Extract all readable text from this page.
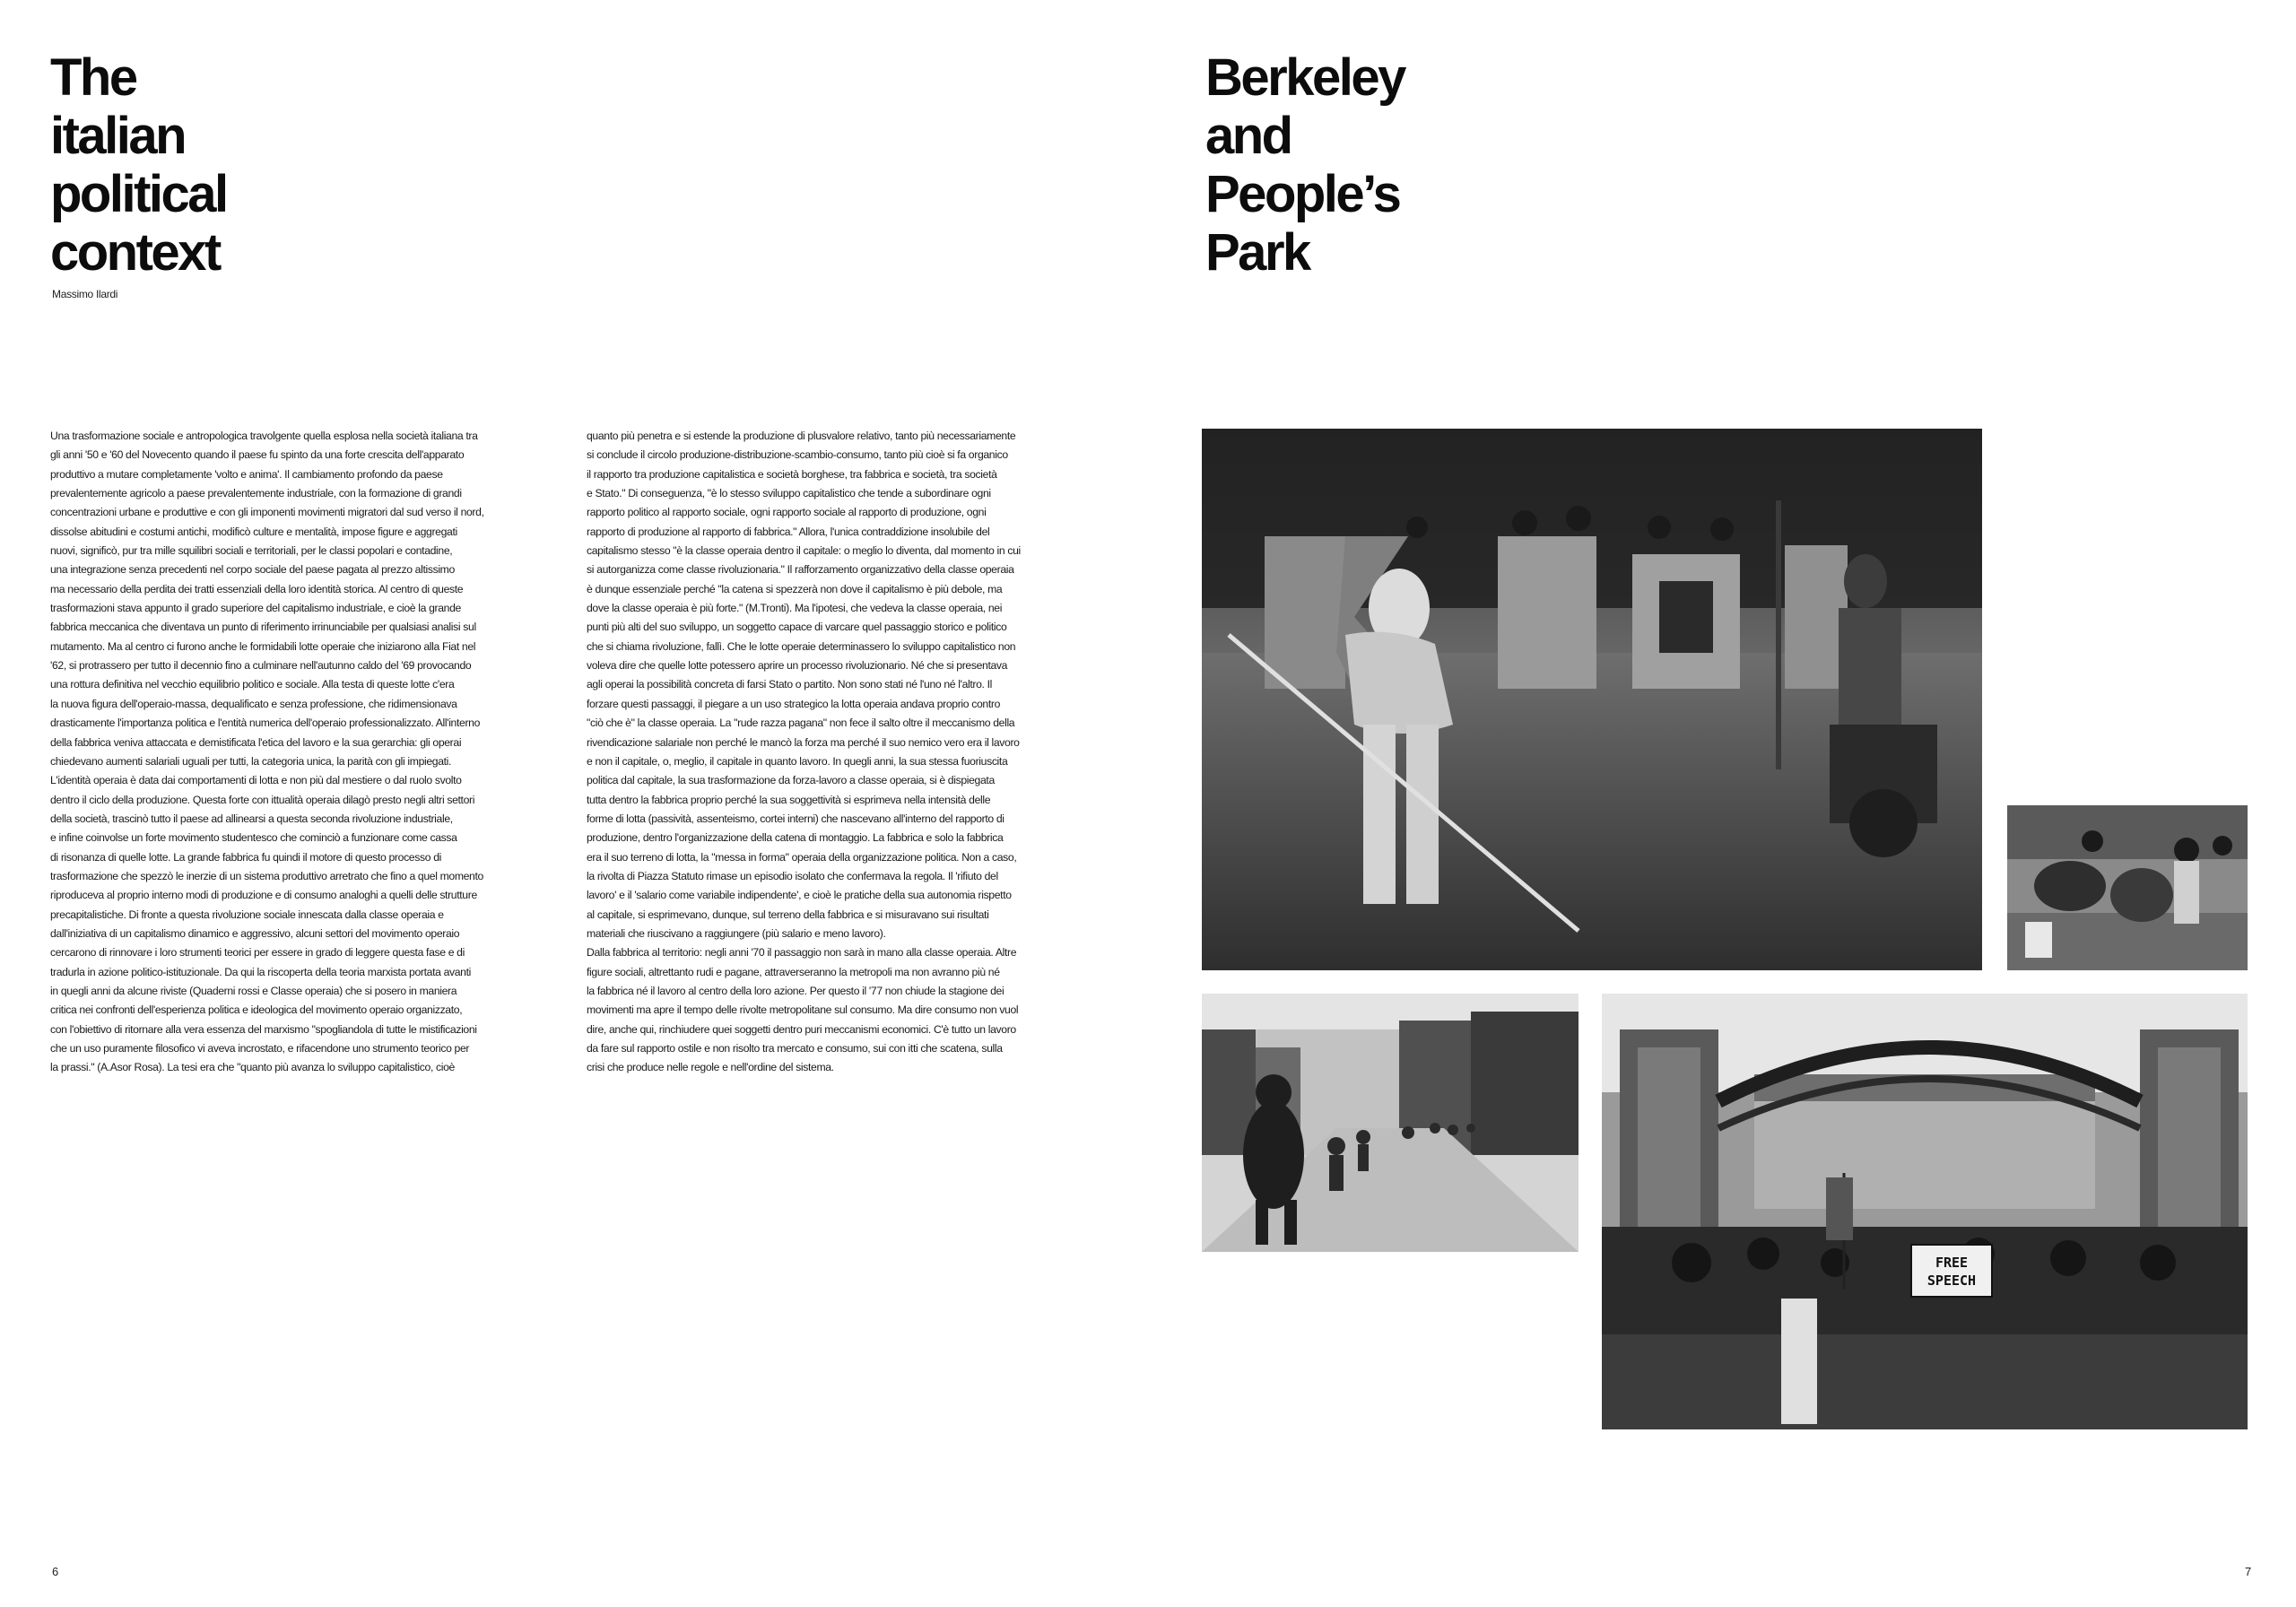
The
italian
political
context
Massimo Ilardi
Una trasformazione sociale e antropologica travolgente quella esplosa nella società italiana tra
gli anni '50 e '60 del Novecento quando il paese fu spinto da una forte crescita dell'apparato
produttivo a mutare completamente 'volto e anima'. Il cambiamento profondo da paese
prevalentemente agricolo a paese prevalentemente industriale, con la formazione di grandi
concentrazioni urbane e produttive e con gli imponenti movimenti migratori dal sud verso il nord,
dissolse abitudini e costumi antichi, modificò culture e mentalità, impose figure e aggregati
nuovi, significò, pur tra mille squilibri sociali e territoriali, per le classi popolari e contadine,
una integrazione senza precedenti nel corpo sociale del paese pagata al prezzo altissimo
ma necessario della perdita dei tratti essenziali della loro identità storica. Al centro di queste
trasformazioni stava appunto il grado superiore del capitalismo industriale, e cioè la grande
fabbrica meccanica che diventava un punto di riferimento irrinunciabile per qualsiasi analisi sul
mutamento. Ma al centro ci furono anche le formidabili lotte operaie che iniziarono alla Fiat nel
'62, si protrassero per tutto il decennio fino a culminare nell'autunno caldo del '69 provocando
una rottura definitiva nel vecchio equilibrio politico e sociale. Alla testa di queste lotte c'era
la nuova figura dell'operaio-massa, dequalificato e senza professione, che ridimensionava
drasticamente l'importanza politica e l'entità numerica dell'operaio professionalizzato. All'interno
della fabbrica veniva attaccata e demistificata l'etica del lavoro e la sua gerarchia: gli operai
chiedevano aumenti salariali uguali per tutti, la categoria unica, la parità con gli impiegati.
L'identità operaia è data dai comportamenti di lotta e non più dal mestiere o dal ruolo svolto
dentro il ciclo della produzione. Questa forte con ittualità operaia dilagò presto negli altri settori
della società, trascinò tutto il paese ad allinearsi a questa seconda rivoluzione industriale,
e infine coinvolse un forte movimento studentesco che cominciò a funzionare come cassa
di risonanza di quelle lotte. La grande fabbrica fu quindi il motore di questo processo di
trasformazione che spezzò le inerzie di un sistema produttivo arretrato che fino a quel momento
riproduceva al proprio interno modi di produzione e di consumo analoghi a quelli delle strutture
precapitalistiche. Di fronte a questa rivoluzione sociale innescata dalla classe operaia e
dall'iniziativa di un capitalismo dinamico e aggressivo, alcuni settori del movimento operaio
cercarono di rinnovare i loro strumenti teorici per essere in grado di leggere questa fase e di
tradurla in azione politico-istituzionale. Da qui la riscoperta della teoria marxista portata avanti
in quegli anni da alcune riviste (Quaderni rossi e Classe operaia) che si posero in maniera
critica nei confronti dell'esperienza politica e ideologica del movimento operaio organizzato,
con l'obiettivo di ritornare alla vera essenza del marxismo "spogliandola di tutte le mistificazioni
che un uso puramente filosofico vi aveva incrostato, e rifacendone uno strumento teorico per
la prassi." (A.Asor Rosa). La tesi era che "quanto più avanza lo sviluppo capitalistico, cioè
quanto più penetra e si estende la produzione di plusvalore relativo, tanto più necessariamente
si conclude il circolo produzione-distribuzione-scambio-consumo, tanto più cioè si fa organico
il rapporto tra produzione capitalistica e società borghese, tra fabbrica e società, tra società
e Stato." Di conseguenza, "è lo stesso sviluppo capitalistico che tende a subordinare ogni
rapporto politico al rapporto sociale, ogni rapporto sociale al rapporto di produzione, ogni
rapporto di produzione al rapporto di fabbrica." Allora, l'unica contraddizione insolubile del
capitalismo stesso "è la classe operaia dentro il capitale: o meglio lo diventa, dal momento in cui
si autorganizza come classe rivoluzionaria." Il rafforzamento organizzativo della classe operaia
è dunque essenziale perché "la catena si spezzerà non dove il capitalismo è più debole, ma
dove la classe operaia è più forte." (M.Tronti). Ma l'ipotesi, che vedeva la classe operaia, nei
punti più alti del suo sviluppo, un soggetto capace di varcare quel passaggio storico e politico
che si chiama rivoluzione, fallì. Che le lotte operaie determinassero lo sviluppo capitalistico non
voleva dire che quelle lotte potessero aprire un processo rivoluzionario. Né che si presentava
agli operai la possibilità concreta di farsi Stato o partito. Non sono stati né l'uno né l'altro. Il
forzare questi passaggi, il piegare a un uso strategico la lotta operaia andava proprio contro
"ciò che è" la classe operaia. La "rude razza pagana" non fece il salto oltre il meccanismo della
rivendicazione salariale non perché le mancò la forza ma perché il suo nemico vero era il lavoro
e non il capitale, o, meglio, il capitale in quanto lavoro. In quegli anni, la sua stessa fuoriuscita
politica dal capitale, la sua trasformazione da forza-lavoro a classe operaia, si è dispiegata
tutta dentro la fabbrica proprio perché la sua soggettività si esprimeva nella intensità delle
forme di lotta (passività, assenteismo, cortei interni) che nascevano all'interno del rapporto di
produzione, dentro l'organizzazione della catena di montaggio. La fabbrica e solo la fabbrica
era il suo terreno di lotta, la "messa in forma" operaia della organizzazione politica. Non a caso,
la rivolta di Piazza Statuto rimase un episodio isolato che confermava la regola. Il 'rifiuto del
lavoro' e il 'salario come variabile indipendente', e cioè le pratiche della sua autonomia rispetto
al capitale, si esprimevano, dunque, sul terreno della fabbrica e si misuravano sui risultati
materiali che riuscivano a raggiungere (più salario e meno lavoro).
Dalla fabbrica al territorio: negli anni '70 il passaggio non sarà in mano alla classe operaia. Altre
figure sociali, altrettanto rudi e pagane, attraverseranno la metropoli ma non avranno più né
la fabbrica né il lavoro al centro della loro azione. Per questo il '77 non chiude la stagione dei
movimenti ma apre il tempo delle rivolte metropolitane sul consumo. Ma dire consumo non vuol
dire, anche qui, rinchiudere quei soggetti dentro puri meccanismi economici. C'è tutto un lavoro
da fare sul rapporto ostile e non risolto tra mercato e consumo, sui con itti che scatena, sulla
crisi che produce nelle regole e nell'ordine del sistema.
6
Berkeley
and
People’s
Park
FREE
SPEECH
7
